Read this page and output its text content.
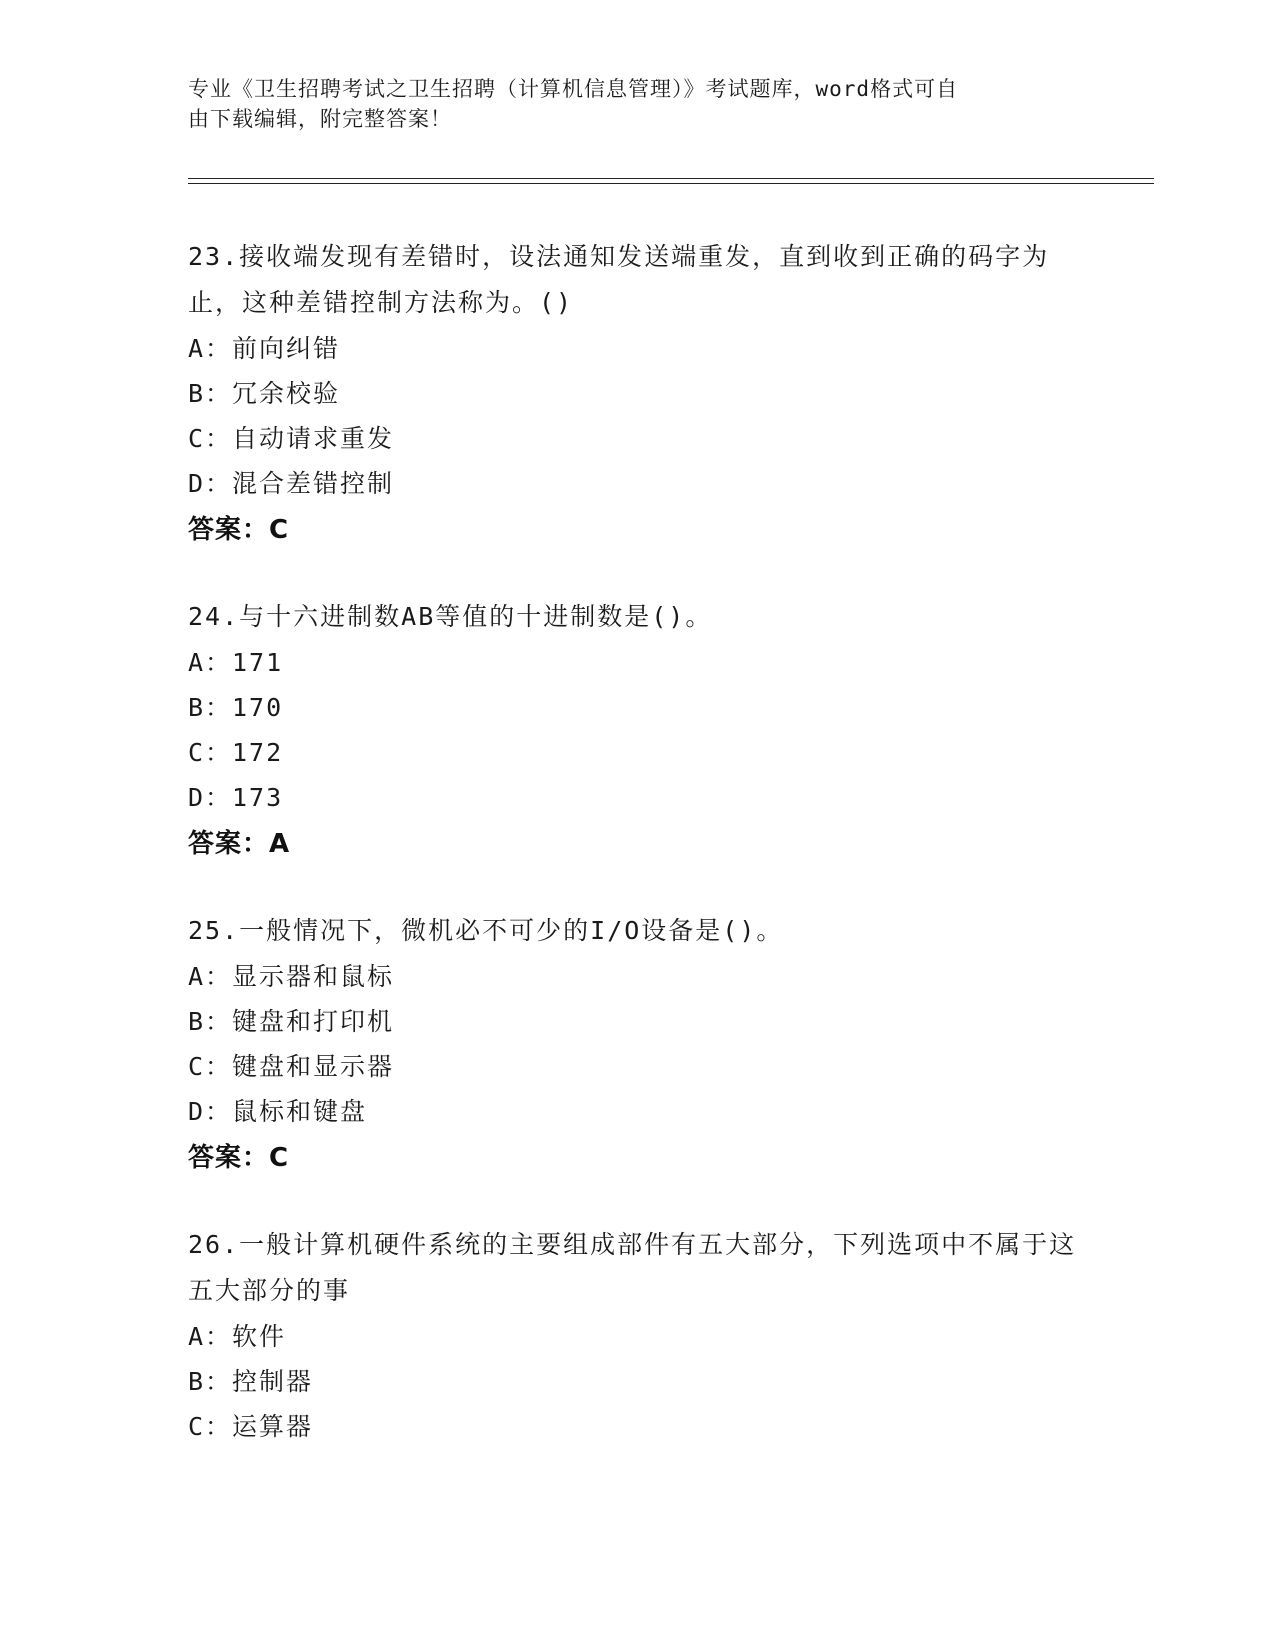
专业《卫生招聘考试之卫生招聘（计算机信息管理）》考试题库，word格式可自
由下载编辑，附完整答案！

23.接收端发现有差错时，设法通知发送端重发，直到收到正确的码字为止，这种差错控制方法称为。()

A：前向纠错

B：冗余校验

C：自动请求重发

D：混合差错控制

答案：C

24.与十六进制数AB等值的十进制数是()。

A：171

B：170

C：172

D：173

答案：A

25.一般情况下，微机必不可少的I/O设备是()。

A：显示器和鼠标

B：键盘和打印机

C：键盘和显示器

D：鼠标和键盘

答案：C

26.一般计算机硬件系统的主要组成部件有五大部分，下列选项中不属于这五大部分的事

A：软件

B：控制器

C：运算器
